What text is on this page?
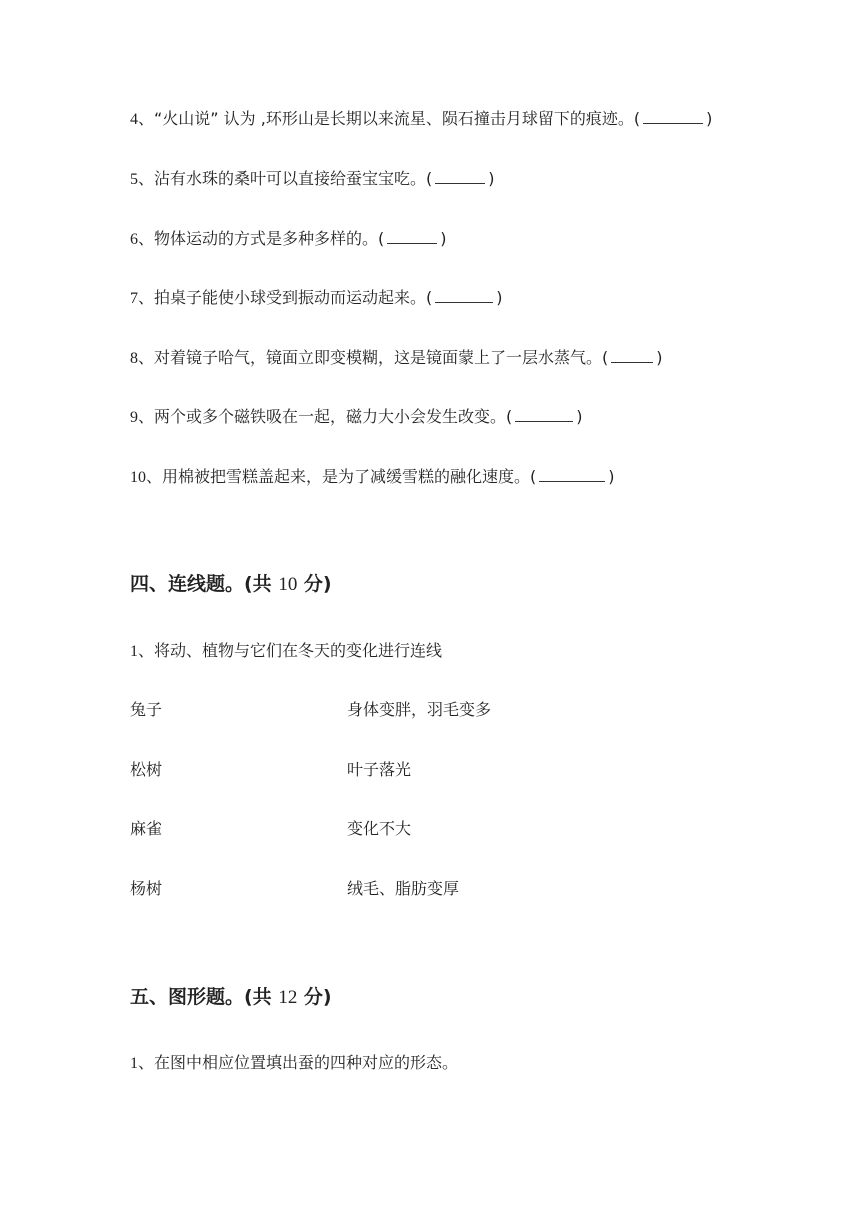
4、“火山说” 认为 ,环形山是长期以来流星、陨石撞击月球留下的痕迹。(	)
5、沾有水珠的桑叶可以直接给蚕宝宝吃。(	)
6、物体运动的方式是多种多样的。(	)
7、拍桌子能使小球受到振动而运动起来。(	)
8、对着镜子哈气，镜面立即变模糊，这是镜面蒙上了一层水蒸气。(	)
9、两个或多个磁铁吸在一起，磁力大小会发生改变。(	)
10、用棉被把雪糕盖起来，是为了减缓雪糕的融化速度。(	)
四、连线题。(共 10 分)
1、将动、植物与它们在冬天的变化进行连线
兔子	身体变胖，羽毛变多
松树	叶子落光
麻雀	变化不大
杨树	绒毛、脂肪变厚
五、图形题。(共 12 分)
1、在图中相应位置填出蚕的四种对应的形态。
